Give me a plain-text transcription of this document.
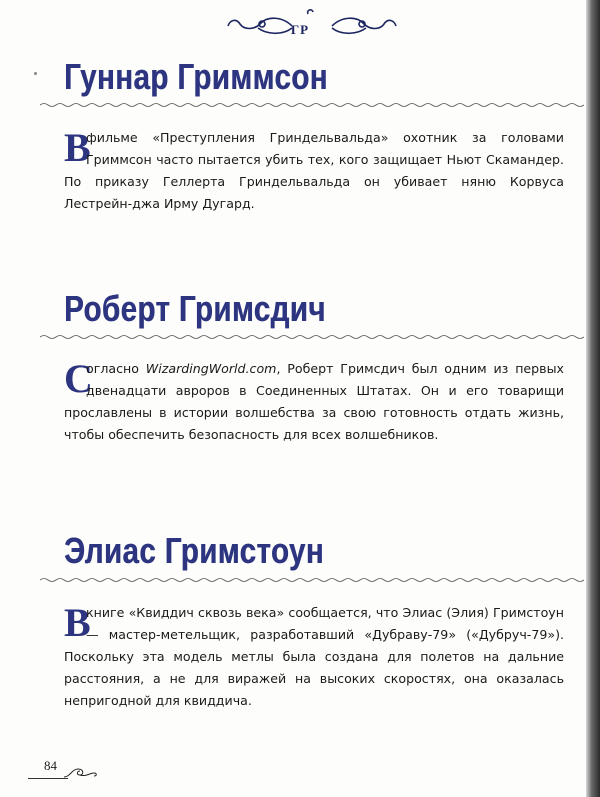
ГР
Гуннар Гриммсон
В
фильме «Преступления Гриндельвальда» охотник за головами Гриммсон часто пытается убить тех, кого защищает Ньют Скамандер. По приказу Геллерта Гриндельвальда он убивает няню Корвуса Лестрейн-джа Ирму Дугард.
Роберт Гримсдич
С
огласно WizardingWorld.com, Роберт Гримсдич был одним из первых двенадцати авроров в Соединенных Штатах. Он и его товарищи прославлены в истории волшебства за свою готовность отдать жизнь, чтобы обеспечить безопасность для всех волшебников.
Элиас Гримстоун
В
книге «Квиддич сквозь века» сообщается, что Элиас (Элия) Гримстоун — мастер-метельщик, разработавший «Дубраву-79» («Дубруч-79»). Поскольку эта модель метлы была создана для полетов на дальние расстояния, а не для виражей на высоких скоростях, она оказалась непригодной для квиддича.
84
